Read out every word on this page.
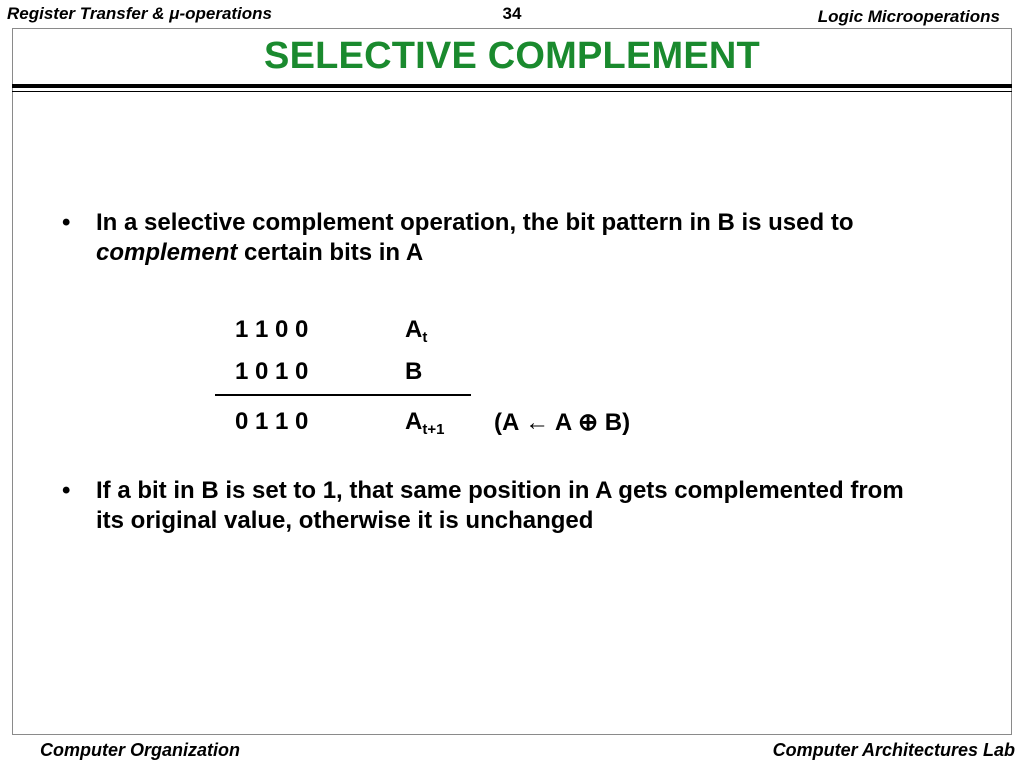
Register Transfer & μ-operations	34	Logic Microoperations
SELECTIVE COMPLEMENT
• In a selective complement operation, the bit pattern in B is used to complement certain bits in A
1 1 0 0	$A_t$
1 0 1 0	B
0 1 1 0	$A_{t+1}$ (A ← A ⊕ B)
• If a bit in B is set to 1, that same position in A gets complemented from its original value, otherwise it is unchanged
Computer Organization	Computer Architectures Lab
